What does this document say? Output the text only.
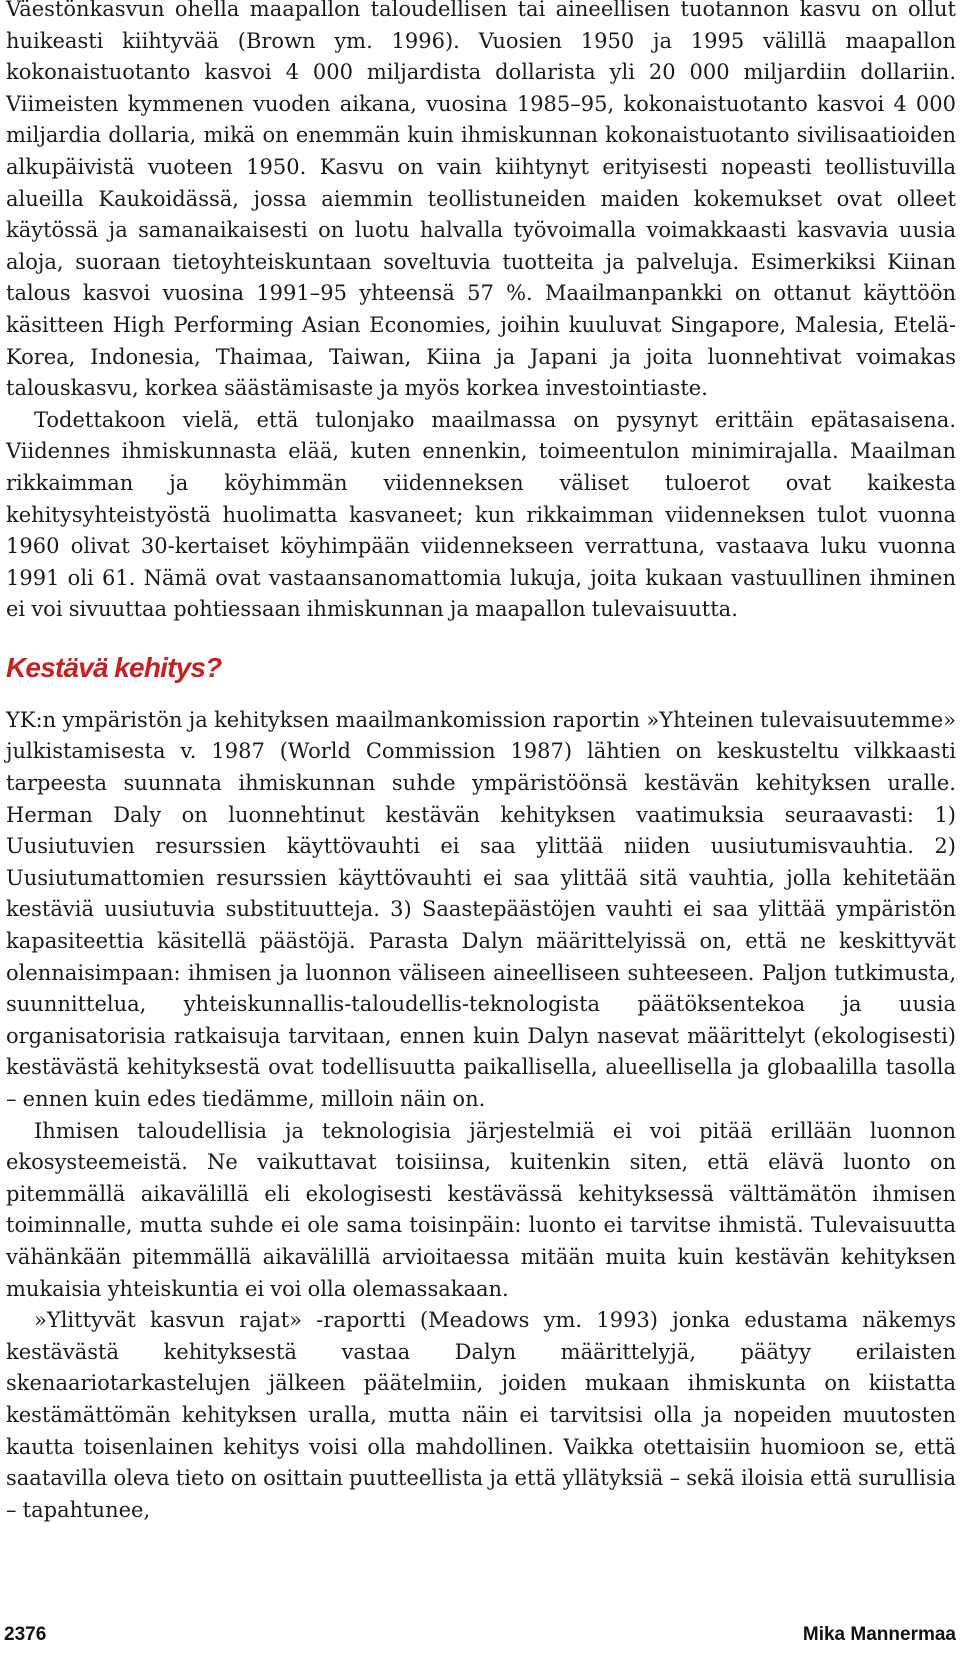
Väestönkasvun ohella maapallon taloudellisen tai aineellisen tuotannon kasvu on ollut huikeasti kiihtyvää (Brown ym. 1996). Vuosien 1950 ja 1995 välillä maapallon kokonaistuotanto kasvoi 4 000 miljardista dollarista yli 20 000 miljardiin dollariin. Viimeisten kymmenen vuoden aikana, vuosina 1985–95, kokonaistuotanto kasvoi 4 000 miljardia dollaria, mikä on enemmän kuin ihmiskunnan kokonaistuotanto sivilisaatioiden alkupäivistä vuoteen 1950. Kasvu on vain kiihtynyt erityisesti nopeasti teollistuvilla alueilla Kaukoidässä, jossa aiemmin teollistuneiden maiden kokemukset ovat olleet käytössä ja samanaikaisesti on luotu halvalla työvoimalla voimakkaasti kasvavia uusia aloja, suoraan tietoyhteiskuntaan soveltuvia tuotteita ja palveluja. Esimerkiksi Kiinan talous kasvoi vuosina 1991–95 yhteensä 57 %. Maailmanpankki on ottanut käyttöön käsitteen High Performing Asian Economies, joihin kuuluvat Singapore, Malesia, Etelä-Korea, Indonesia, Thaimaa, Taiwan, Kiina ja Japani ja joita luonnehtivat voimakas talouskasvu, korkea säästämisaste ja myös korkea investointiaste.

Todettakoon vielä, että tulonjako maailmassa on pysynyt erittäin epätasaisena. Viidennes ihmiskunnasta elää, kuten ennenkin, toimeentulon minimirajalla. Maailman rikkaimman ja köyhimmän viidenneksen väliset tuloerot ovat kaikesta kehitysyhteistyöstä huolimatta kasvaneet; kun rikkaimman viidenneksen tulot vuonna 1960 olivat 30-kertaiset köyhimpään viidennekseen verrattuna, vastaava luku vuonna 1991 oli 61. Nämä ovat vastaansanomattomia lukuja, joita kukaan vastuullinen ihminen ei voi sivuuttaa pohtiessaan ihmiskunnan ja maapallon tulevaisuutta.

Kestävä kehitys?

YK:n ympäristön ja kehityksen maailmankomission raportin »Yhteinen tulevaisuutemme» julkistamisesta v. 1987 (World Commission 1987) lähtien on keskusteltu vilkkaasti tarpeesta suunnata ihmiskunnan suhde ympäristöönsä kestävän kehityksen uralle. Herman Daly on luonnehtinut kestävän kehityksen vaatimuksia seuraavasti: 1) Uusiutuvien resurssien käyttövauhti ei saa ylittää niiden uusiutumisvauhtia. 2) Uusiutumattomien resurssien käyttövauhti ei saa ylittää sitä vauhtia, jolla kehitetään kestäviä uusiutuvia substituutteja. 3) Saastepäästöjen vauhti ei saa ylittää ympäristön kapasiteettia käsitellä päästöjä. Parasta Dalyn määrittelyissä on, että ne keskittyvät olennaisimpaan: ihmisen ja luonnon väliseen aineelliseen suhteeseen. Paljon tutkimusta, suunnittelua, yhteiskunnallis-taloudellis-teknologista päätöksentekoa ja uusia organisatorisia ratkaisuja tarvitaan, ennen kuin Dalyn nasevat määrittelyt (ekologisesti) kestävästä kehityksestä ovat todellisuutta paikallisella, alueellisella ja globaalilla tasolla – ennen kuin edes tiedämme, milloin näin on.

Ihmisen taloudellisia ja teknologisia järjestelmiä ei voi pitää erillään luonnon ekosysteemeistä. Ne vaikuttavat toisiinsa, kuitenkin siten, että elävä luonto on pitemmällä aikavälillä eli ekologisesti kestävässä kehityksessä välttämätön ihmisen toiminnalle, mutta suhde ei ole sama toisinpäin: luonto ei tarvitse ihmistä. Tulevaisuutta vähänkään pitemmällä aikavälillä arvioitaessa mitään muita kuin kestävän kehityksen mukaisia yhteiskuntia ei voi olla olemassakaan.

»Ylittyvät kasvun rajat» -raportti (Meadows ym. 1993) jonka edustama näkemys kestävästä kehityksestä vastaa Dalyn määrittelyjä, päätyy erilaisten skenaariotarkastelujen jälkeen päätelmiin, joiden mukaan ihmiskunta on kiistatta kestämättömän kehityksen uralla, mutta näin ei tarvitsisi olla ja nopeiden muutosten kautta toisenlainen kehitys voisi olla mahdollinen. Vaikka otettaisiin huomioon se, että saatavilla oleva tieto on osittain puutteellista ja että yllätyksiä – sekä iloisia että surullisia – tapahtunee,

2376	Mika Mannermaa
